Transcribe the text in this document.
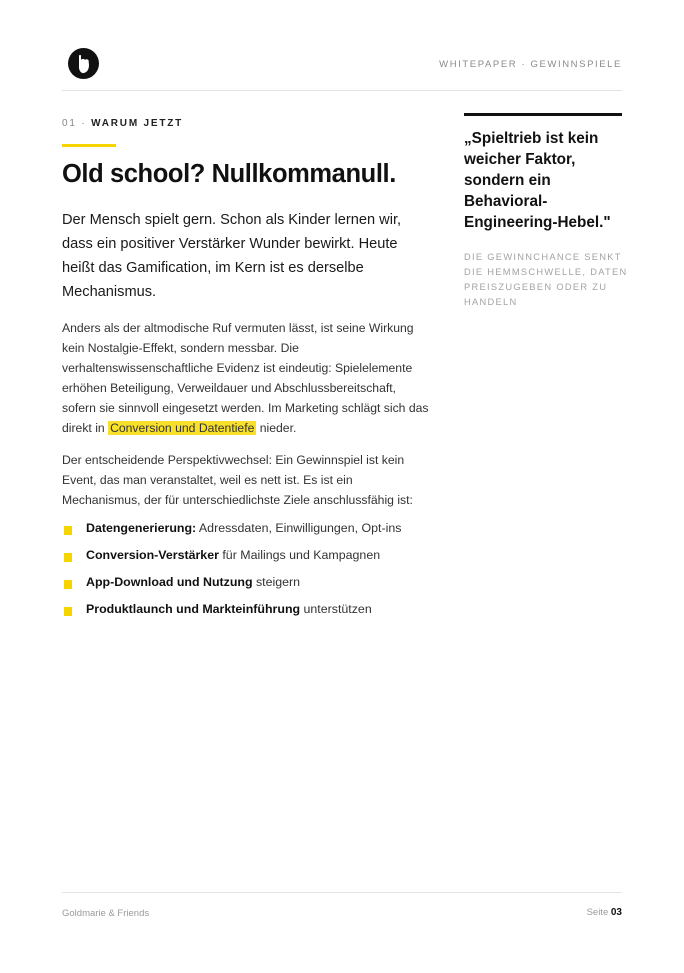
WHITEPAPER · GEWINNSPIELE
01 · WARUM JETZT
Old school? Nullkommanull.

Der Mensch spielt gern. Schon als Kinder lernen wir, dass ein positiver Verstärker Wunder bewirkt. Heute heißt das Gamification, im Kern ist es derselbe Mechanismus.

Anders als der altmodische Ruf vermuten lässt, ist seine Wirkung kein Nostalgie-Effekt, sondern messbar. Die verhaltenswissenschaftliche Evidenz ist eindeutig: Spielelemente erhöhen Beteiligung, Verweildauer und Abschlussbereitschaft, sofern sie sinnvoll eingesetzt werden. Im Marketing schlägt sich das direkt in Conversion und Datentiefe nieder.

Der entscheidende Perspektivwechsel: Ein Gewinnspiel ist kein Event, das man veranstaltet, weil es nett ist. Es ist ein Mechanismus, der für unterschiedlichste Ziele anschlussfähig ist:

Datengenerierung: Adressdaten, Einwilligungen, Opt-ins
Conversion-Verstärker für Mailings und Kampagnen
App-Download und Nutzung steigern
Produktlaunch und Markteinführung unterstützen

„Spieltrieb ist kein weicher Faktor, sondern ein Behavioral-Engineering-Hebel."

DIE GEWINNCHANCE SENKT DIE HEMMSCHWELLE, DATEN PREISZUGEBEN ODER ZU HANDELN

Goldmarie & Friends	Seite 03
